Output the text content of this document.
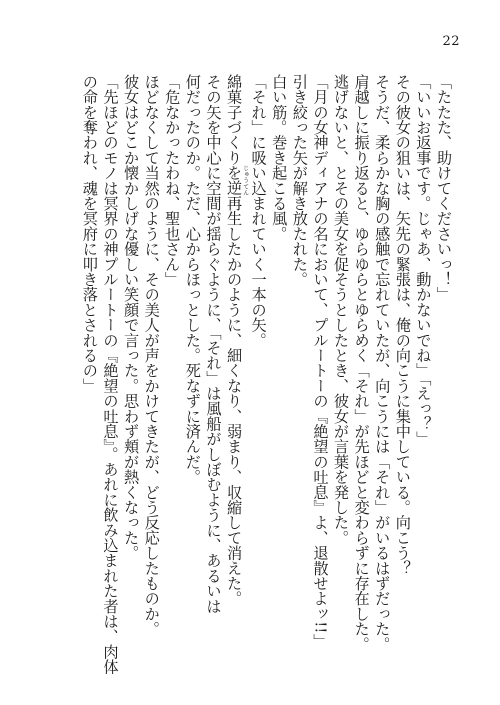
22
「たたた、助けてくださいっ！」
「いいお返事です。じゃあ、動かないでね」「えっ？」
その彼女の狙いは、矢先の緊張は、俺の向こうに集中している。向こう？
そうだ、柔らかな胸の感触で忘れていたが、向こうには「それ」がいるはずだった。
肩越しに振り返ると、ゆらゆらとゆらめく「それ」が先ほどと変わらずに存在した。
逃げないと、とその美女を促そうとしたとき、彼女が言葉を発した。
「月の女神ディアナの名において、プルートーの『絶望の吐息』よ、退散せよッ!!」
引き絞った矢が解き放たれた。
白い筋。巻き起こる風。
「それ」に吸い込まれていく一本の矢。
綿菓子づくりを逆じゅうてん再生したかのように、細くなり、弱まり、収縮して消えた。
その矢を中心に空間が揺らぐように、「それ」は風船がしぼむように、あるいは
何だったのか。ただ、心からほっとした。死なずに済んだ。
「危なかったわね、聖也さん」
ほどなくして当然のように、その美人が声をかけてきたが、どう反応したものか。
彼女はどこか懐かしげな優しい笑顔で言った。思わず頬が熱くなった。
「先ほどのモノは冥界の神プルートーの『絶望の吐息』。あれに飲み込まれた者は、肉体
の命を奪われ、魂を冥府に叩き落とされるの」
